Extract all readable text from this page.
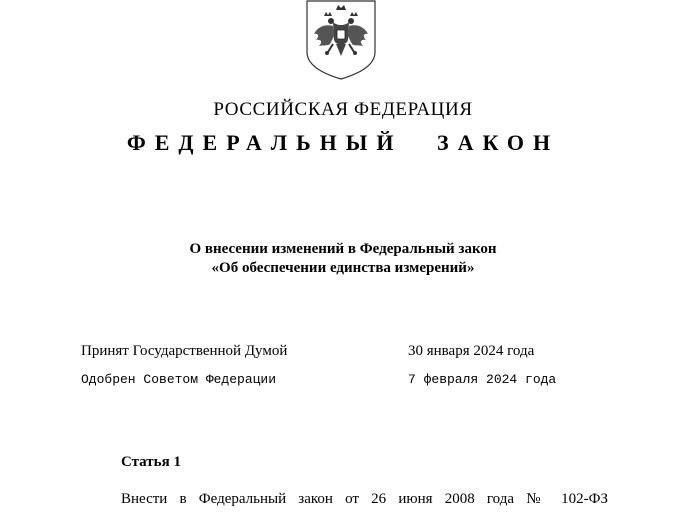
РОССИЙСКАЯ ФЕДЕРАЦИЯ
ФЕДЕРАЛЬНЫЙ ЗАКОН
О внесении изменений в Федеральный закон
«Об обеспечении единства измерений»
Принят Государственной Думой	30 января 2024 года
Одобрен Советом Федерации	7 февраля 2024 года
Статья 1
Внести в Федеральный закон от 26 июня 2008 года № 102-ФЗ
